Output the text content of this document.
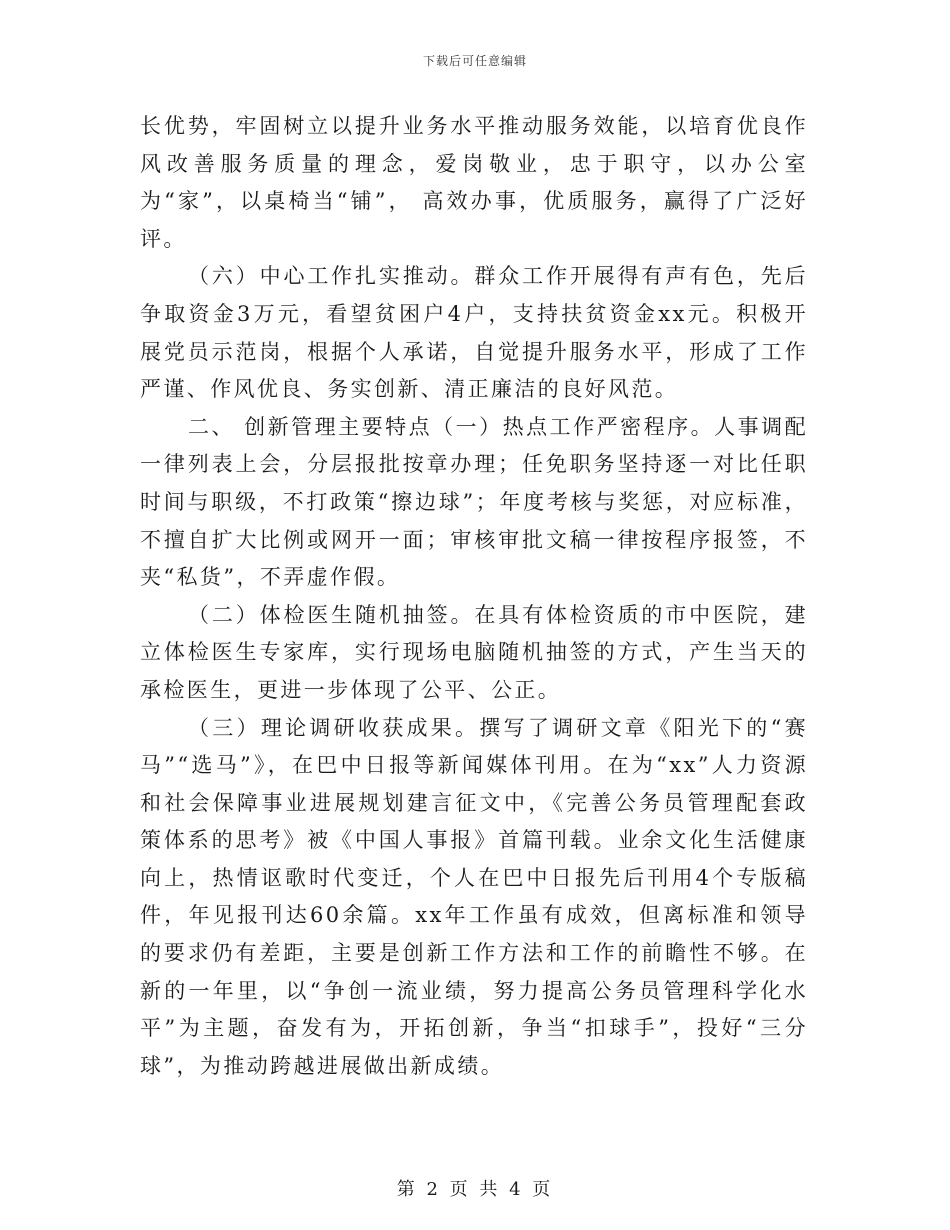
下载后可任意编辑

长优势，牢固树立以提升业务水平推动服务效能，以培育优良作风改善服务质量的理念，爱岗敬业，忠于职守，以办公室为“家”，以桌椅当“铺”， 高效办事，优质服务，赢得了广泛好评。

（六）中心工作扎实推动。群众工作开展得有声有色，先后争取资金3万元，看望贫困户4户，支持扶贫资金xx元。积极开展党员示范岗，根据个人承诺，自觉提升服务水平，形成了工作严谨、作风优良、务实创新、清正廉洁的良好风范。

二、 创新管理主要特点（一）热点工作严密程序。人事调配一律列表上会，分层报批按章办理；任免职务坚持逐一对比任职时间与职级，不打政策“擦边球”；年度考核与奖惩，对应标准，不擅自扩大比例或网开一面；审核审批文稿一律按程序报签，不夹“私货”，不弄虚作假。

（二）体检医生随机抽签。在具有体检资质的市中医院，建立体检医生专家库，实行现场电脑随机抽签的方式，产生当天的承检医生，更进一步体现了公平、公正。

（三）理论调研收获成果。撰写了调研文章《阳光下的“赛马”“选马”》，在巴中日报等新闻媒体刊用。在为“xx”人力资源和社会保障事业进展规划建言征文中，《完善公务员管理配套政策体系的思考》被《中国人事报》首篇刊载。业余文化生活健康向上，热情讴歌时代变迁，个人在巴中日报先后刊用4个专版稿件，年见报刊达60余篇。xx年工作虽有成效，但离标准和领导的要求仍有差距，主要是创新工作方法和工作的前瞻性不够。在新的一年里，以“争创一流业绩，努力提高公务员管理科学化水平”为主题，奋发有为，开拓创新，争当“扣球手”，投好“三分球”，为推动跨越进展做出新成绩。

第 2 页 共 4 页
